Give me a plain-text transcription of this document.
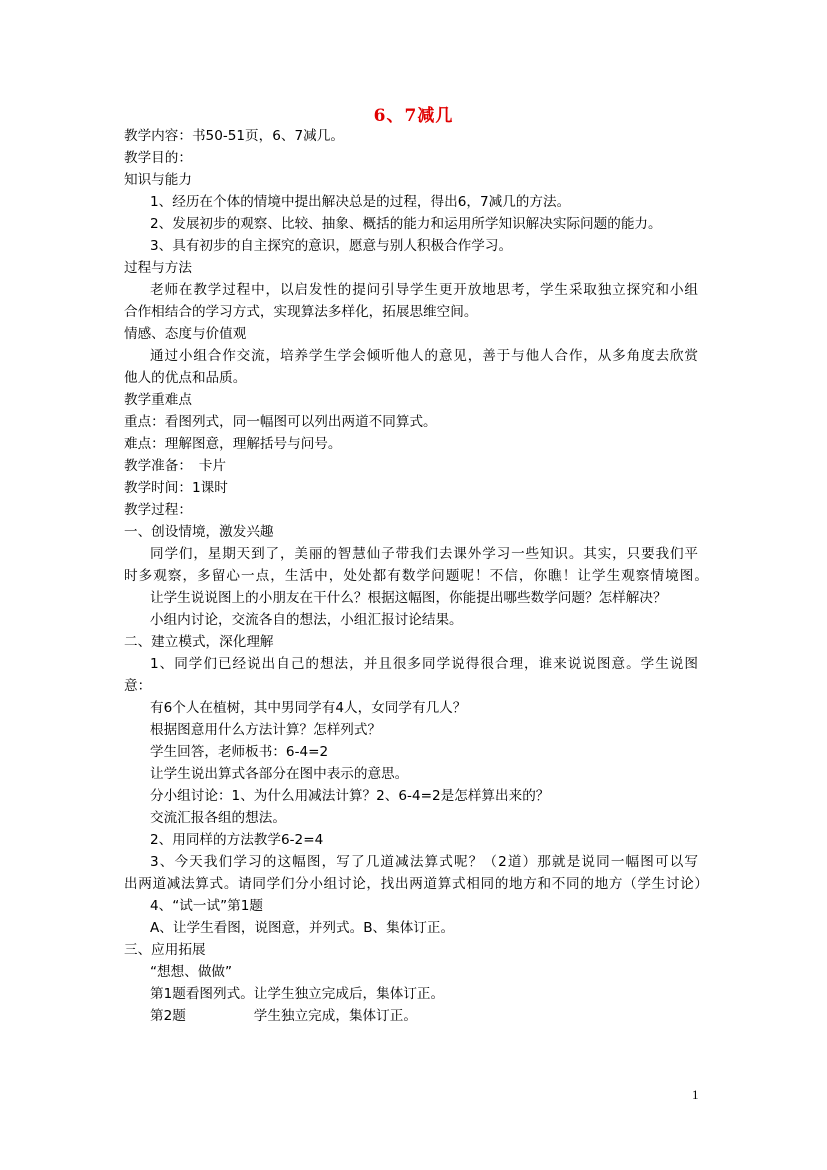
6、7减几
教学内容：书50-51页，6、7减几。
教学目的：
知识与能力
1、经历在个体的情境中提出解决总是的过程，得出6，7减几的方法。
2、发展初步的观察、比较、抽象、概括的能力和运用所学知识解决实际问题的能力。
3、具有初步的自主探究的意识，愿意与别人积极合作学习。
过程与方法
老师在教学过程中，以启发性的提问引导学生更开放地思考，学生采取独立探究和小组
合作相结合的学习方式，实现算法多样化，拓展思维空间。
情感、态度与价值观
通过小组合作交流，培养学生学会倾听他人的意见，善于与他人合作，从多角度去欣赏
他人的优点和品质。
教学重难点
重点：看图列式，同一幅图可以列出两道不同算式。
难点：理解图意，理解括号与问号。
教学准备：　卡片
教学时间：1课时
教学过程：
一、创设情境，激发兴趣
同学们，星期天到了，美丽的智慧仙子带我们去课外学习一些知识。其实，只要我们平
时多观察，多留心一点，生活中，处处都有数学问题呢！不信，你瞧！让学生观察情境图。
让学生说说图上的小朋友在干什么？根据这幅图，你能提出哪些数学问题？怎样解决？
小组内讨论，交流各自的想法，小组汇报讨论结果。
二、建立模式，深化理解
1、同学们已经说出自己的想法，并且很多同学说得很合理，谁来说说图意。学生说图
意：
有6个人在植树，其中男同学有4人，女同学有几人？
根据图意用什么方法计算？怎样列式？
学生回答，老师板书：6-4=2
让学生说出算式各部分在图中表示的意思。
分小组讨论：1、为什么用减法计算？2、6-4=2是怎样算出来的？
交流汇报各组的想法。
2、用同样的方法教学6-2=4
3、今天我们学习的这幅图，写了几道减法算式呢？（2道）那就是说同一幅图可以写
出两道减法算式。请同学们分小组讨论，找出两道算式相同的地方和不同的地方（学生讨论）
4、“试一试”第1题
A、让学生看图，说图意，并列式。B、集体订正。
三、应用拓展
“想想、做做”
第1题看图列式。让学生独立完成后，集体订正。
第2题　　　　　学生独立完成，集体订正。
1
